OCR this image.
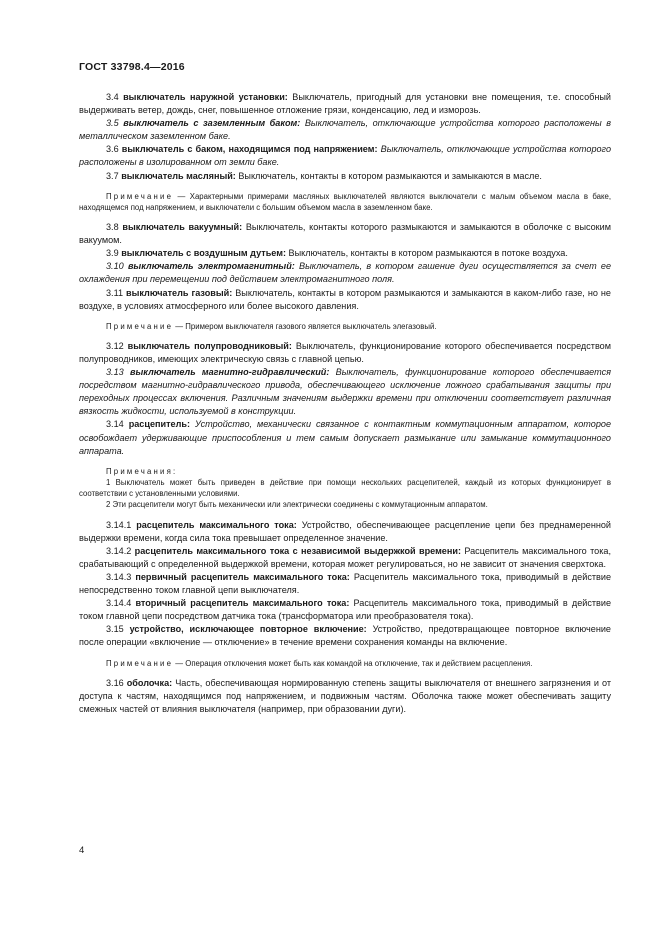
ГОСТ 33798.4—2016

3.4 выключатель наружной установки: Выключатель, пригодный для установки вне помещения, т.е. способный выдерживать ветер, дождь, снег, повышенное отложение грязи, конденсацию, лед и изморозь.

3.5 выключатель с заземленным баком: Выключатель, отключающие устройства которого расположены в металлическом заземленном баке.

3.6 выключатель с баком, находящимся под напряжением: Выключатель, отключающие устройства которого расположены в изолированном от земли баке.

3.7 выключатель масляный: Выключатель, контакты в котором размыкаются и замыкаются в масле.

Примечание — Характерными примерами масляных выключателей являются выключатели с малым объемом масла в баке, находящемся под напряжением, и выключатели с большим объемом масла в заземленном баке.

3.8 выключатель вакуумный: Выключатель, контакты которого размыкаются и замыкаются в оболочке с высоким вакуумом.

3.9 выключатель с воздушным дутьем: Выключатель, контакты в котором размыкаются в потоке воздуха.

3.10 выключатель электромагнитный: Выключатель, в котором гашение дуги осуществляется за счет ее охлаждения при перемещении под действием электромагнитного поля.

3.11 выключатель газовый: Выключатель, контакты в котором размыкаются и замыкаются в каком-либо газе, но не воздухе, в условиях атмосферного или более высокого давления.

Примечание — Примером выключателя газового является выключатель элегазовый.

3.12 выключатель полупроводниковый: Выключатель, функционирование которого обеспечивается посредством полупроводников, имеющих электрическую связь с главной цепью.

3.13 выключатель магнитно-гидравлический: Выключатель, функционирование которого обеспечивается посредством магнитно-гидравлического привода, обеспечивающего исключение ложного срабатывания защиты при переходных процессах включения. Различным значениям выдержки времени при отключении соответствует различная вязкость жидкости, используемой в конструкции.

3.14 расцепитель: Устройство, механически связанное с контактным коммутационным аппаратом, которое освобождает удерживающие приспособления и тем самым допускает размыкание или замыкание коммутационного аппарата.

Примечания:

1 Выключатель может быть приведен в действие при помощи нескольких расцепителей, каждый из которых функционирует в соответствии с установленными условиями.

2 Эти расцепители могут быть механически или электрически соединены с коммутационным аппаратом.

3.14.1 расцепитель максимального тока: Устройство, обеспечивающее расцепление цепи без преднамеренной выдержки времени, когда сила тока превышает определенное значение.

3.14.2 расцепитель максимального тока с независимой выдержкой времени: Расцепитель максимального тока, срабатывающий с определенной выдержкой времени, которая может регулироваться, но не зависит от значения сверхтока.

3.14.3 первичный расцепитель максимального тока: Расцепитель максимального тока, приводимый в действие непосредственно током главной цепи выключателя.

3.14.4 вторичный расцепитель максимального тока: Расцепитель максимального тока, приводимый в действие током главной цепи посредством датчика тока (трансформатора или преобразователя тока).

3.15 устройство, исключающее повторное включение: Устройство, предотвращающее повторное включение после операции «включение — отключение» в течение времени сохранения команды на включение.

Примечание — Операция отключения может быть как командой на отключение, так и действием расцепления.

3.16 оболочка: Часть, обеспечивающая нормированную степень защиты выключателя от внешнего загрязнения и от доступа к частям, находящимся под напряжением, и подвижным частям. Оболочка также может обеспечивать защиту смежных частей от влияния выключателя (например, при образовании дуги).

4
